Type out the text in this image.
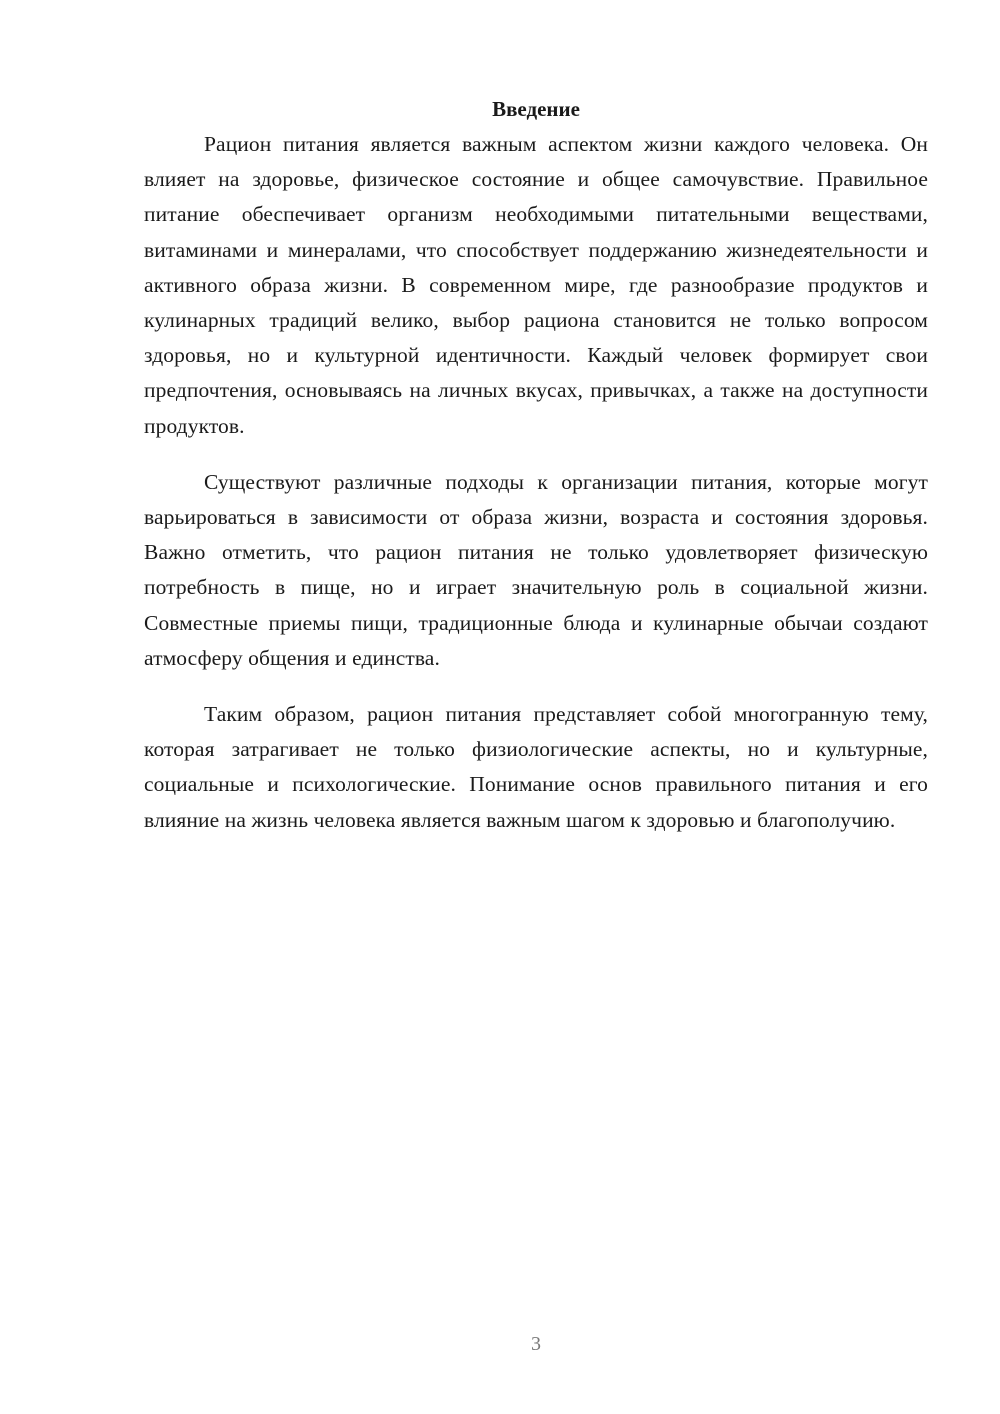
Введение

Рацион питания является важным аспектом жизни каждого человека. Он влияет на здоровье, физическое состояние и общее самочувствие. Правильное питание обеспечивает организм необходимыми питательными веществами, витаминами и минералами, что способствует поддержанию жизнедеятельности и активного образа жизни. В современном мире, где разнообразие продуктов и кулинарных традиций велико, выбор рациона становится не только вопросом здоровья, но и культурной идентичности. Каждый человек формирует свои предпочтения, основываясь на личных вкусах, привычках, а также на доступности продуктов.

Существуют различные подходы к организации питания, которые могут варьироваться в зависимости от образа жизни, возраста и состояния здоровья. Важно отметить, что рацион питания не только удовлетворяет физическую потребность в пище, но и играет значительную роль в социальной жизни. Совместные приемы пищи, традиционные блюда и кулинарные обычаи создают атмосферу общения и единства.

Таким образом, рацион питания представляет собой многогранную тему, которая затрагивает не только физиологические аспекты, но и культурные, социальные и психологические. Понимание основ правильного питания и его влияние на жизнь человека является важным шагом к здоровью и благополучию.

3
